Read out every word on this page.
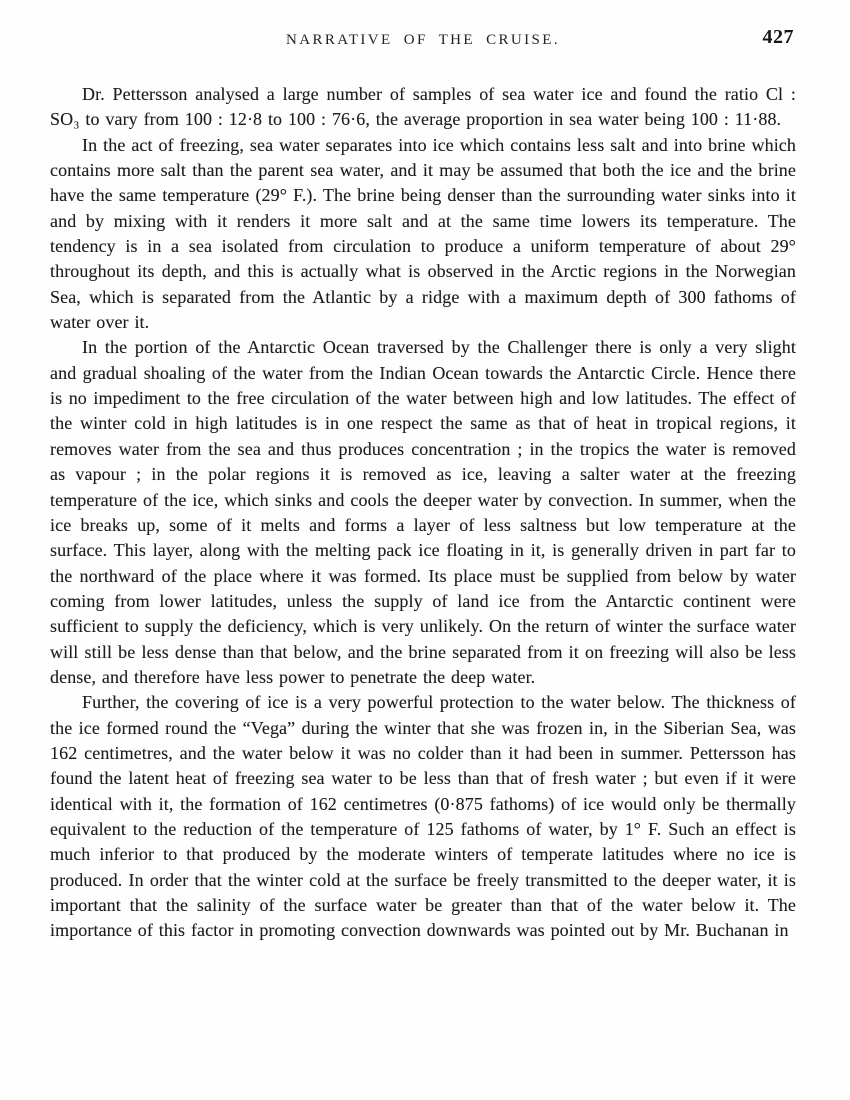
NARRATIVE OF THE CRUISE.	427

Dr. Pettersson analysed a large number of samples of sea water ice and found the ratio Cl : SO₃ to vary from 100 : 12·8 to 100 : 76·6, the average proportion in sea water being 100 : 11·88.

In the act of freezing, sea water separates into ice which contains less salt and into brine which contains more salt than the parent sea water, and it may be assumed that both the ice and the brine have the same temperature (29° F.). The brine being denser than the surrounding water sinks into it and by mixing with it renders it more salt and at the same time lowers its temperature. The tendency is in a sea isolated from circulation to produce a uniform temperature of about 29° throughout its depth, and this is actually what is observed in the Arctic regions in the Norwegian Sea, which is separated from the Atlantic by a ridge with a maximum depth of 300 fathoms of water over it.

In the portion of the Antarctic Ocean traversed by the Challenger there is only a very slight and gradual shoaling of the water from the Indian Ocean towards the Antarctic Circle. Hence there is no impediment to the free circulation of the water between high and low latitudes. The effect of the winter cold in high latitudes is in one respect the same as that of heat in tropical regions, it removes water from the sea and thus produces concentration ; in the tropics the water is removed as vapour ; in the polar regions it is removed as ice, leaving a salter water at the freezing temperature of the ice, which sinks and cools the deeper water by convection. In summer, when the ice breaks up, some of it melts and forms a layer of less saltness but low temperature at the surface. This layer, along with the melting pack ice floating in it, is generally driven in part far to the northward of the place where it was formed. Its place must be supplied from below by water coming from lower latitudes, unless the supply of land ice from the Antarctic continent were sufficient to supply the deficiency, which is very unlikely. On the return of winter the surface water will still be less dense than that below, and the brine separated from it on freezing will also be less dense, and therefore have less power to penetrate the deep water.

Further, the covering of ice is a very powerful protection to the water below. The thickness of the ice formed round the “Vega” during the winter that she was frozen in, in the Siberian Sea, was 162 centimetres, and the water below it was no colder than it had been in summer. Pettersson has found the latent heat of freezing sea water to be less than that of fresh water ; but even if it were identical with it, the formation of 162 centimetres (0·875 fathoms) of ice would only be thermally equivalent to the reduction of the temperature of 125 fathoms of water, by 1° F. Such an effect is much inferior to that produced by the moderate winters of temperate latitudes where no ice is produced. In order that the winter cold at the surface be freely transmitted to the deeper water, it is important that the salinity of the surface water be greater than that of the water below it. The importance of this factor in promoting convection downwards was pointed out by Mr. Buchanan in
